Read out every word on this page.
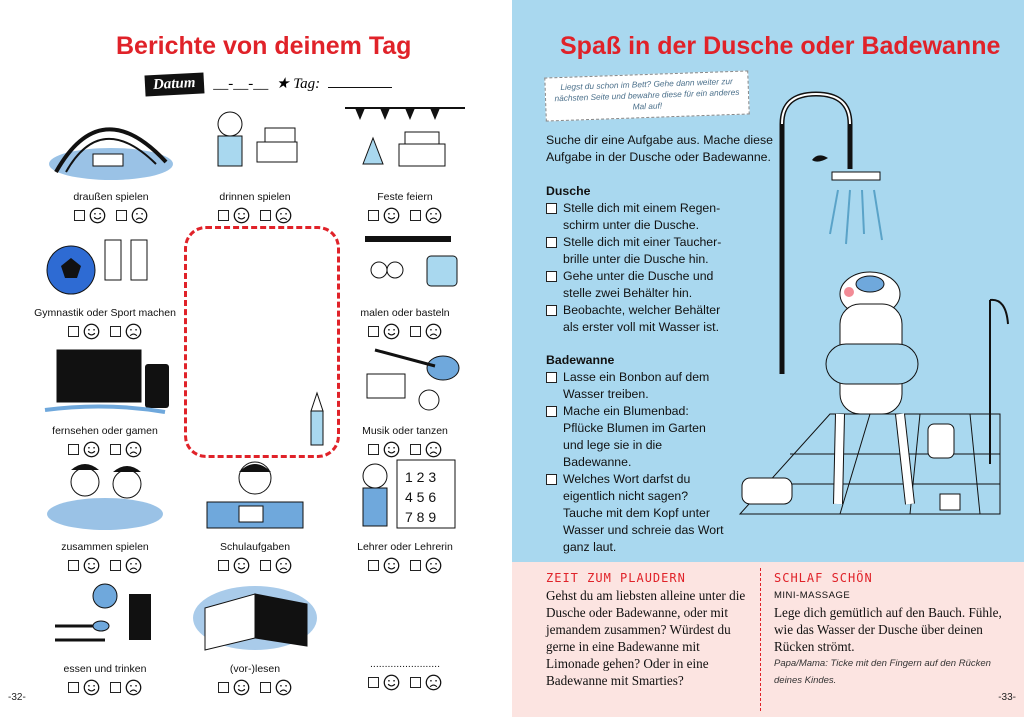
Berichte von deinem Tag
Datum __-__-__ ★ Tag:
draußen spielen	drinnen spielen	Feste feiern
Gymnastik oder Sport machen	malen oder basteln
fernsehen oder gamen	Musik oder tanzen
zusammen spielen	Schulaufgaben
1 2 3
4 5 6
7 8 9
Lehrer oder Lehrerin
essen und trinken	(vor-)lesen	........................
-32-
Spaß in der Dusche oder Badewanne
Liegst du schon im Bett? Gehe dann weiter zur nächsten Seite und bewahre diese für ein anderes Mal auf!
Suche dir eine Aufgabe aus. Mache diese Aufgabe in der Dusche oder Badewanne.
Dusche
Stelle dich mit einem Regen-schirm unter die Dusche.
Stelle dich mit einer Taucher-brille unter die Dusche hin.
Gehe unter die Dusche und stelle zwei Behälter hin.
Beobachte, welcher Behälter als erster voll mit Wasser ist.
Badewanne
Lasse ein Bonbon auf dem Wasser treiben.
Mache ein Blumenbad: Pflücke Blumen im Garten und lege sie in die Badewanne.
Welches Wort darfst du eigentlich nicht sagen? Tauche mit dem Kopf unter Wasser und schreie das Wort ganz laut.
ZEIT ZUM PLAUDERN
Gehst du am liebsten alleine unter die Dusche oder Badewanne, oder mit jemandem zusammen? Würdest du gerne in eine Badewanne mit Limonade gehen? Oder in eine Badewanne mit Smarties?
SCHLAF SCHÖN
MINI-MASSAGE
Lege dich gemütlich auf den Bauch. Fühle, wie das Wasser der Dusche über deinen Rücken strömt.
Papa/Mama: Ticke mit den Fingern auf den Rücken deines Kindes.
-33-
